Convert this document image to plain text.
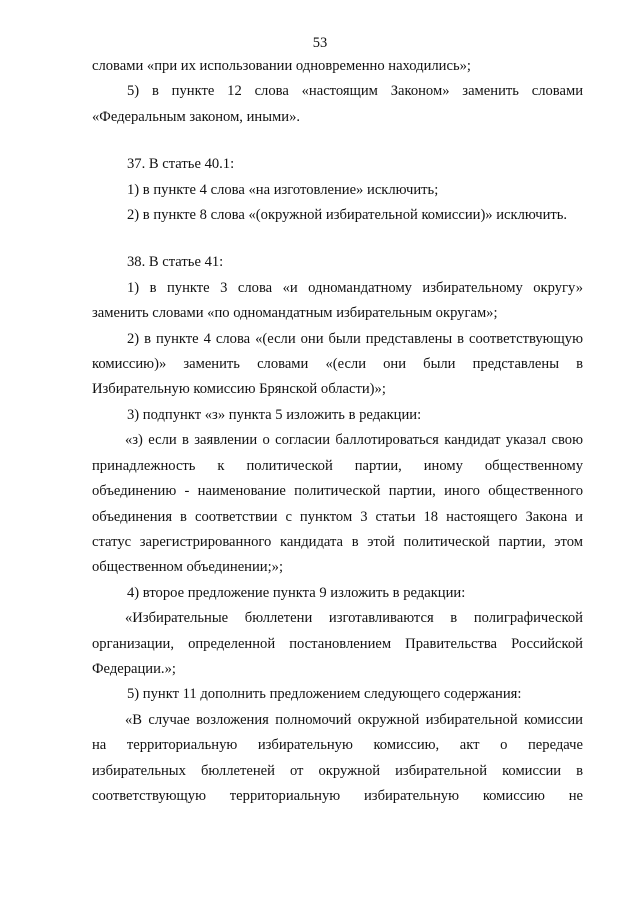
53
словами «при их использовании одновременно находились»;
5) в пункте 12 слова «настоящим Законом» заменить словами
«Федеральным законом, иными».
37. В статье 40.1:
1) в пункте 4 слова «на изготовление» исключить;
2) в пункте 8 слова «(окружной избирательной комиссии)» исключить.
38. В статье 41:
1) в пункте 3 слова «и одномандатному избирательному округу»
заменить словами «по одномандатным избирательным округам»;
2) в пункте 4 слова «(если они были представлены в соответствующую
комиссию)» заменить словами «(если они были представлены в
Избирательную комиссию Брянской области)»;
3) подпункт «з» пункта 5 изложить в редакции:
«з) если в заявлении о согласии баллотироваться кандидат указал свою
принадлежность к политической партии, иному общественному
объединению - наименование политической партии, иного общественного
объединения в соответствии с пунктом 3 статьи 18 настоящего Закона и
статус зарегистрированного кандидата в этой политической партии, этом
общественном объединении;»;
4) второе предложение пункта 9 изложить в редакции:
«Избирательные бюллетени изготавливаются в полиграфической
организации, определенной постановлением Правительства Российской
Федерации.»;
5) пункт 11 дополнить предложением следующего содержания:
«В случае возложения полномочий окружной избирательной комиссии
на территориальную избирательную комиссию, акт о передаче
избирательных бюллетеней от окружной избирательной комиссии в
соответствующую территориальную избирательную комиссию не
